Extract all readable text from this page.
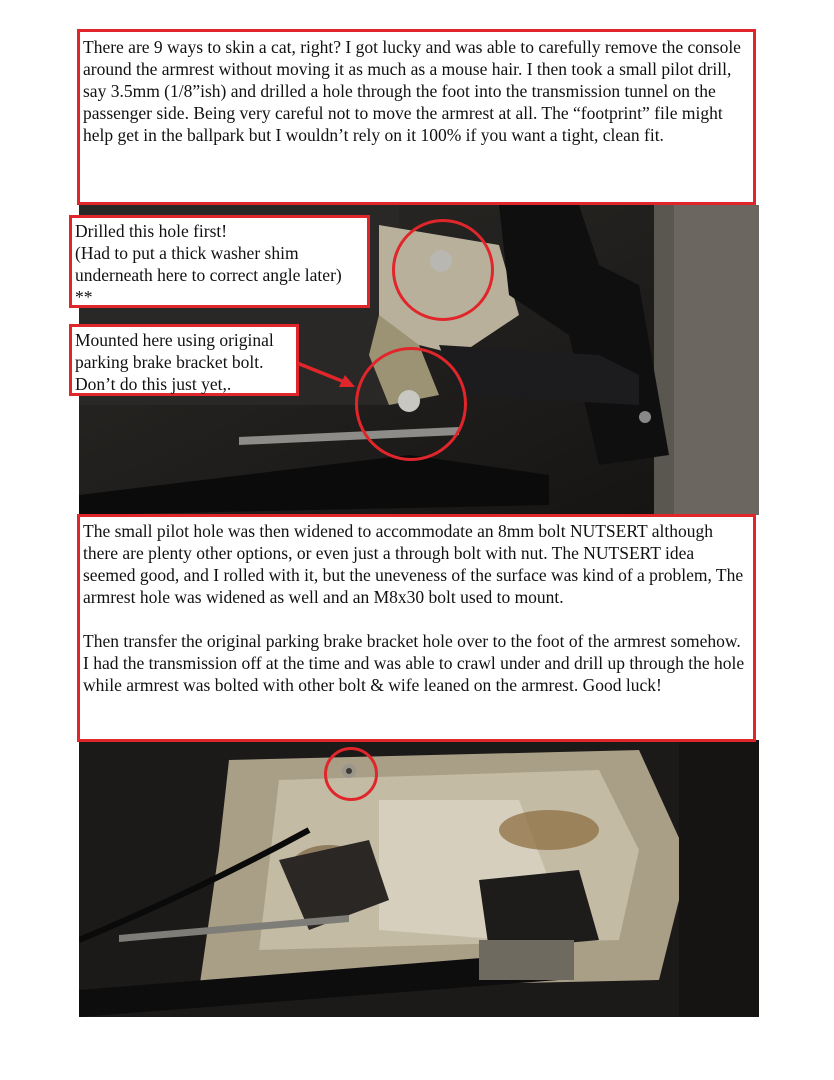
There are 9 ways to skin a cat, right? I got lucky and was able to carefully remove the console around the armrest without moving it as much as a mouse hair. I then took a small pilot drill, say 3.5mm (1/8”ish) and drilled a hole through the foot into the transmission tunnel on the passenger side. Being very careful not to move the armrest at all. The “footprint” file might help get in the ballpark but I wouldn’t rely on it 100% if you want a tight, clean fit.

Drilled this hole first!

(Had to put a thick washer shim underneath here to correct angle later)

**

Mounted here using original parking brake bracket bolt. Don’t do this just yet,.

The small pilot hole was then widened to accommodate an 8mm bolt NUTSERT although there are plenty other options, or even just a through bolt with nut. The NUTSERT idea seemed good, and I rolled with it, but the uneveness of the surface was kind of a problem, The armrest hole was widened as well and an M8x30 bolt used to mount.

Then transfer the original parking brake bracket hole over to the foot of the armrest somehow. I had the transmission off at the time and was able to crawl under and drill up through the hole while armrest was bolted with other bolt & wife leaned on the armrest. Good luck!
